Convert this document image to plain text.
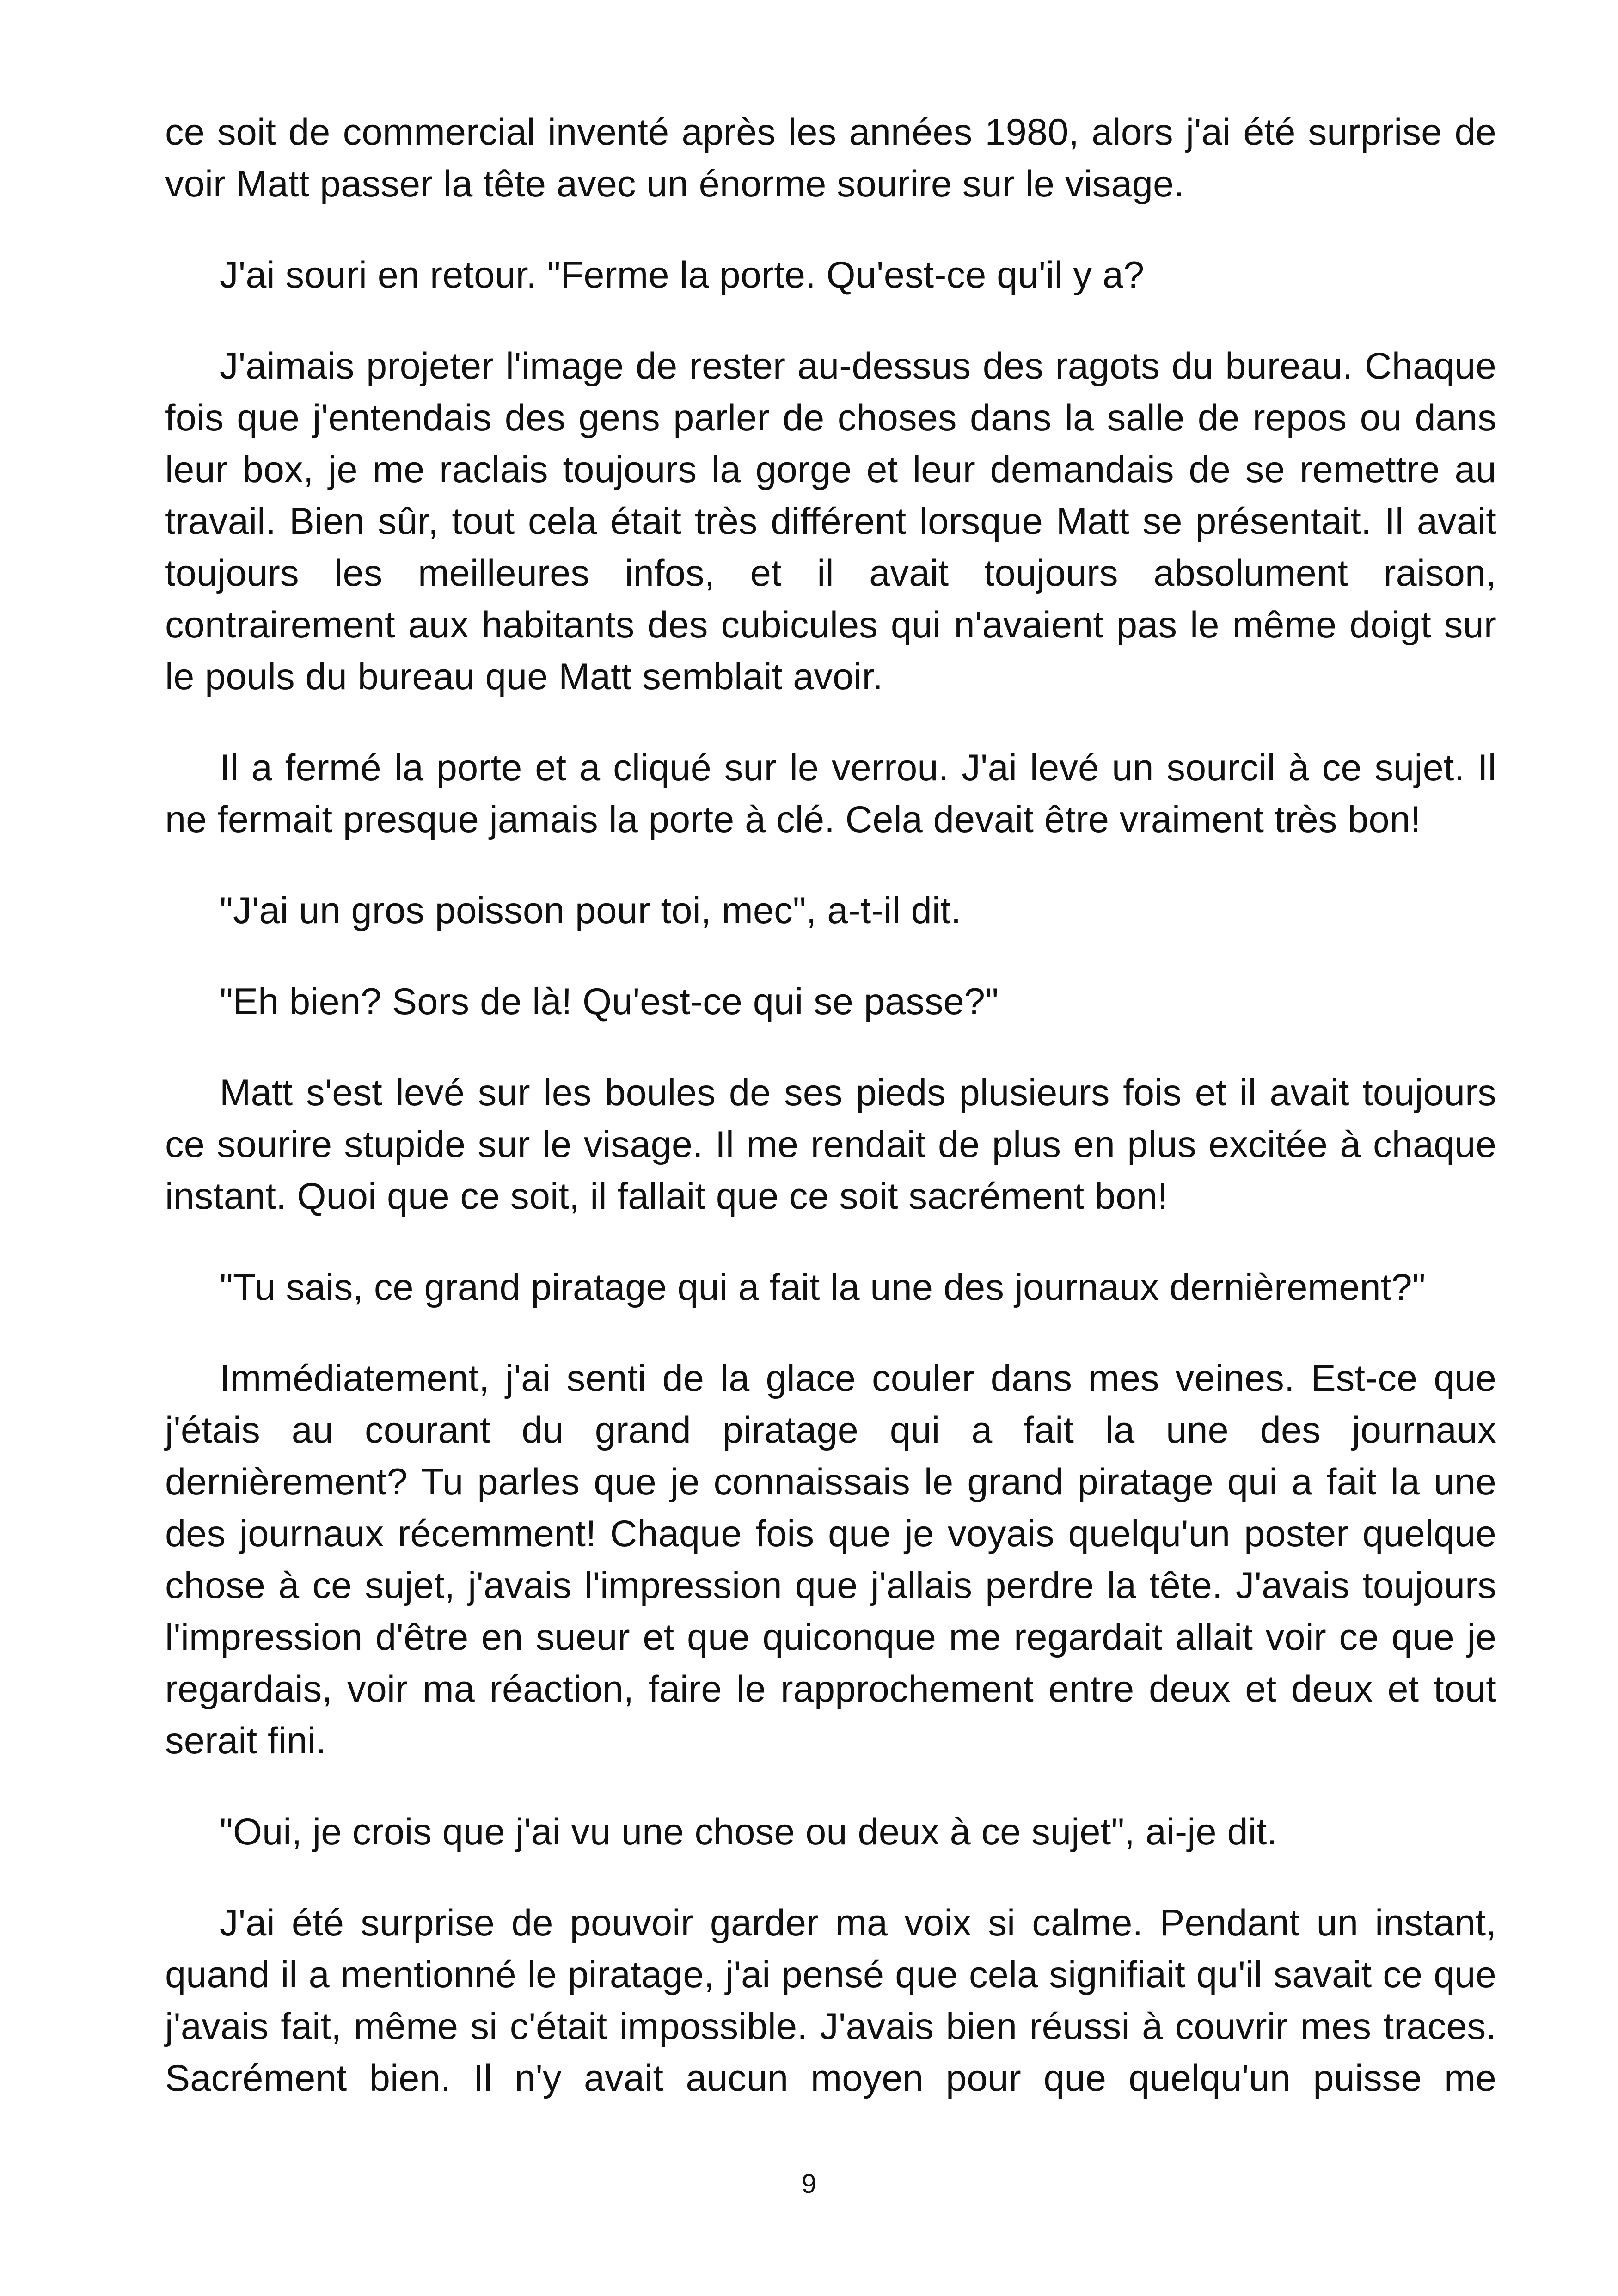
ce soit de commercial inventé après les années 1980, alors j'ai été surprise de voir Matt passer la tête avec un énorme sourire sur le visage.

J'ai souri en retour. "Ferme la porte. Qu'est-ce qu'il y a?

J'aimais projeter l'image de rester au-dessus des ragots du bureau. Chaque fois que j'entendais des gens parler de choses dans la salle de repos ou dans leur box, je me raclais toujours la gorge et leur demandais de se remettre au travail. Bien sûr, tout cela était très différent lorsque Matt se présentait. Il avait toujours les meilleures infos, et il avait toujours absolument raison, contrairement aux habitants des cubicules qui n'avaient pas le même doigt sur le pouls du bureau que Matt semblait avoir.

Il a fermé la porte et a cliqué sur le verrou. J'ai levé un sourcil à ce sujet. Il ne fermait presque jamais la porte à clé. Cela devait être vraiment très bon!

"J'ai un gros poisson pour toi, mec", a-t-il dit.

"Eh bien? Sors de là! Qu'est-ce qui se passe?"

Matt s'est levé sur les boules de ses pieds plusieurs fois et il avait toujours ce sourire stupide sur le visage. Il me rendait de plus en plus excitée à chaque instant. Quoi que ce soit, il fallait que ce soit sacrément bon!

"Tu sais, ce grand piratage qui a fait la une des journaux dernièrement?"

Immédiatement, j'ai senti de la glace couler dans mes veines. Est-ce que j'étais au courant du grand piratage qui a fait la une des journaux dernièrement? Tu parles que je connaissais le grand piratage qui a fait la une des journaux récemment! Chaque fois que je voyais quelqu'un poster quelque chose à ce sujet, j'avais l'impression que j'allais perdre la tête. J'avais toujours l'impression d'être en sueur et que quiconque me regardait allait voir ce que je regardais, voir ma réaction, faire le rapprochement entre deux et deux et tout serait fini.

"Oui, je crois que j'ai vu une chose ou deux à ce sujet", ai-je dit.

J'ai été surprise de pouvoir garder ma voix si calme. Pendant un instant, quand il a mentionné le piratage, j'ai pensé que cela signifiait qu'il savait ce que j'avais fait, même si c'était impossible. J'avais bien réussi à couvrir mes traces. Sacrément bien. Il n'y avait aucun moyen pour que quelqu'un puisse me

9
